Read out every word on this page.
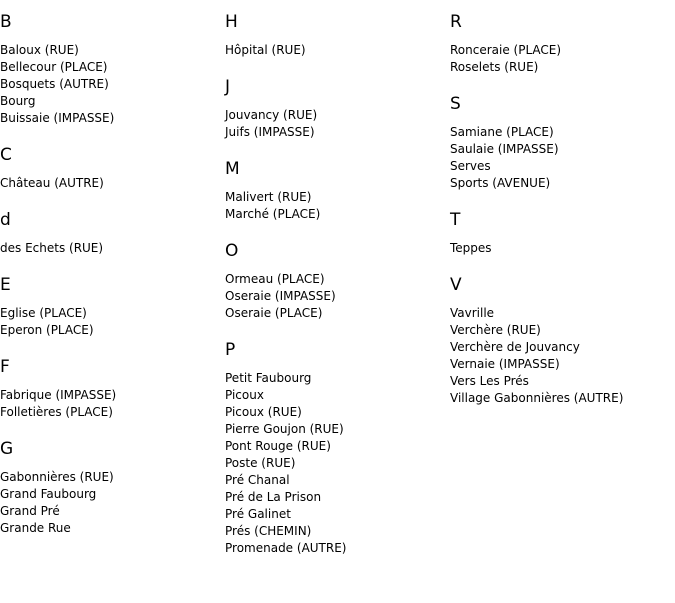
B
Baloux (RUE)
Bellecour (PLACE)
Bosquets (AUTRE)
Bourg
Buissaie (IMPASSE)
C
Château (AUTRE)
d
des Echets (RUE)
E
Eglise (PLACE)
Eperon (PLACE)
F
Fabrique (IMPASSE)
Folletières (PLACE)
G
Gabonnières (RUE)
Grand Faubourg
Grand Pré
Grande Rue
H
Hôpital (RUE)
J
Jouvancy (RUE)
Juifs (IMPASSE)
M
Malivert (RUE)
Marché (PLACE)
O
Ormeau (PLACE)
Oseraie (IMPASSE)
Oseraie (PLACE)
P
Petit Faubourg
Picoux
Picoux (RUE)
Pierre Goujon (RUE)
Pont Rouge (RUE)
Poste (RUE)
Pré Chanal
Pré de La Prison
Pré Galinet
Prés (CHEMIN)
Promenade (AUTRE)
R
Ronceraie (PLACE)
Roselets (RUE)
S
Samiane (PLACE)
Saulaie (IMPASSE)
Serves
Sports (AVENUE)
T
Teppes
V
Vavrille
Verchère (RUE)
Verchère de Jouvancy
Vernaie (IMPASSE)
Vers Les Prés
Village Gabonnières (AUTRE)
